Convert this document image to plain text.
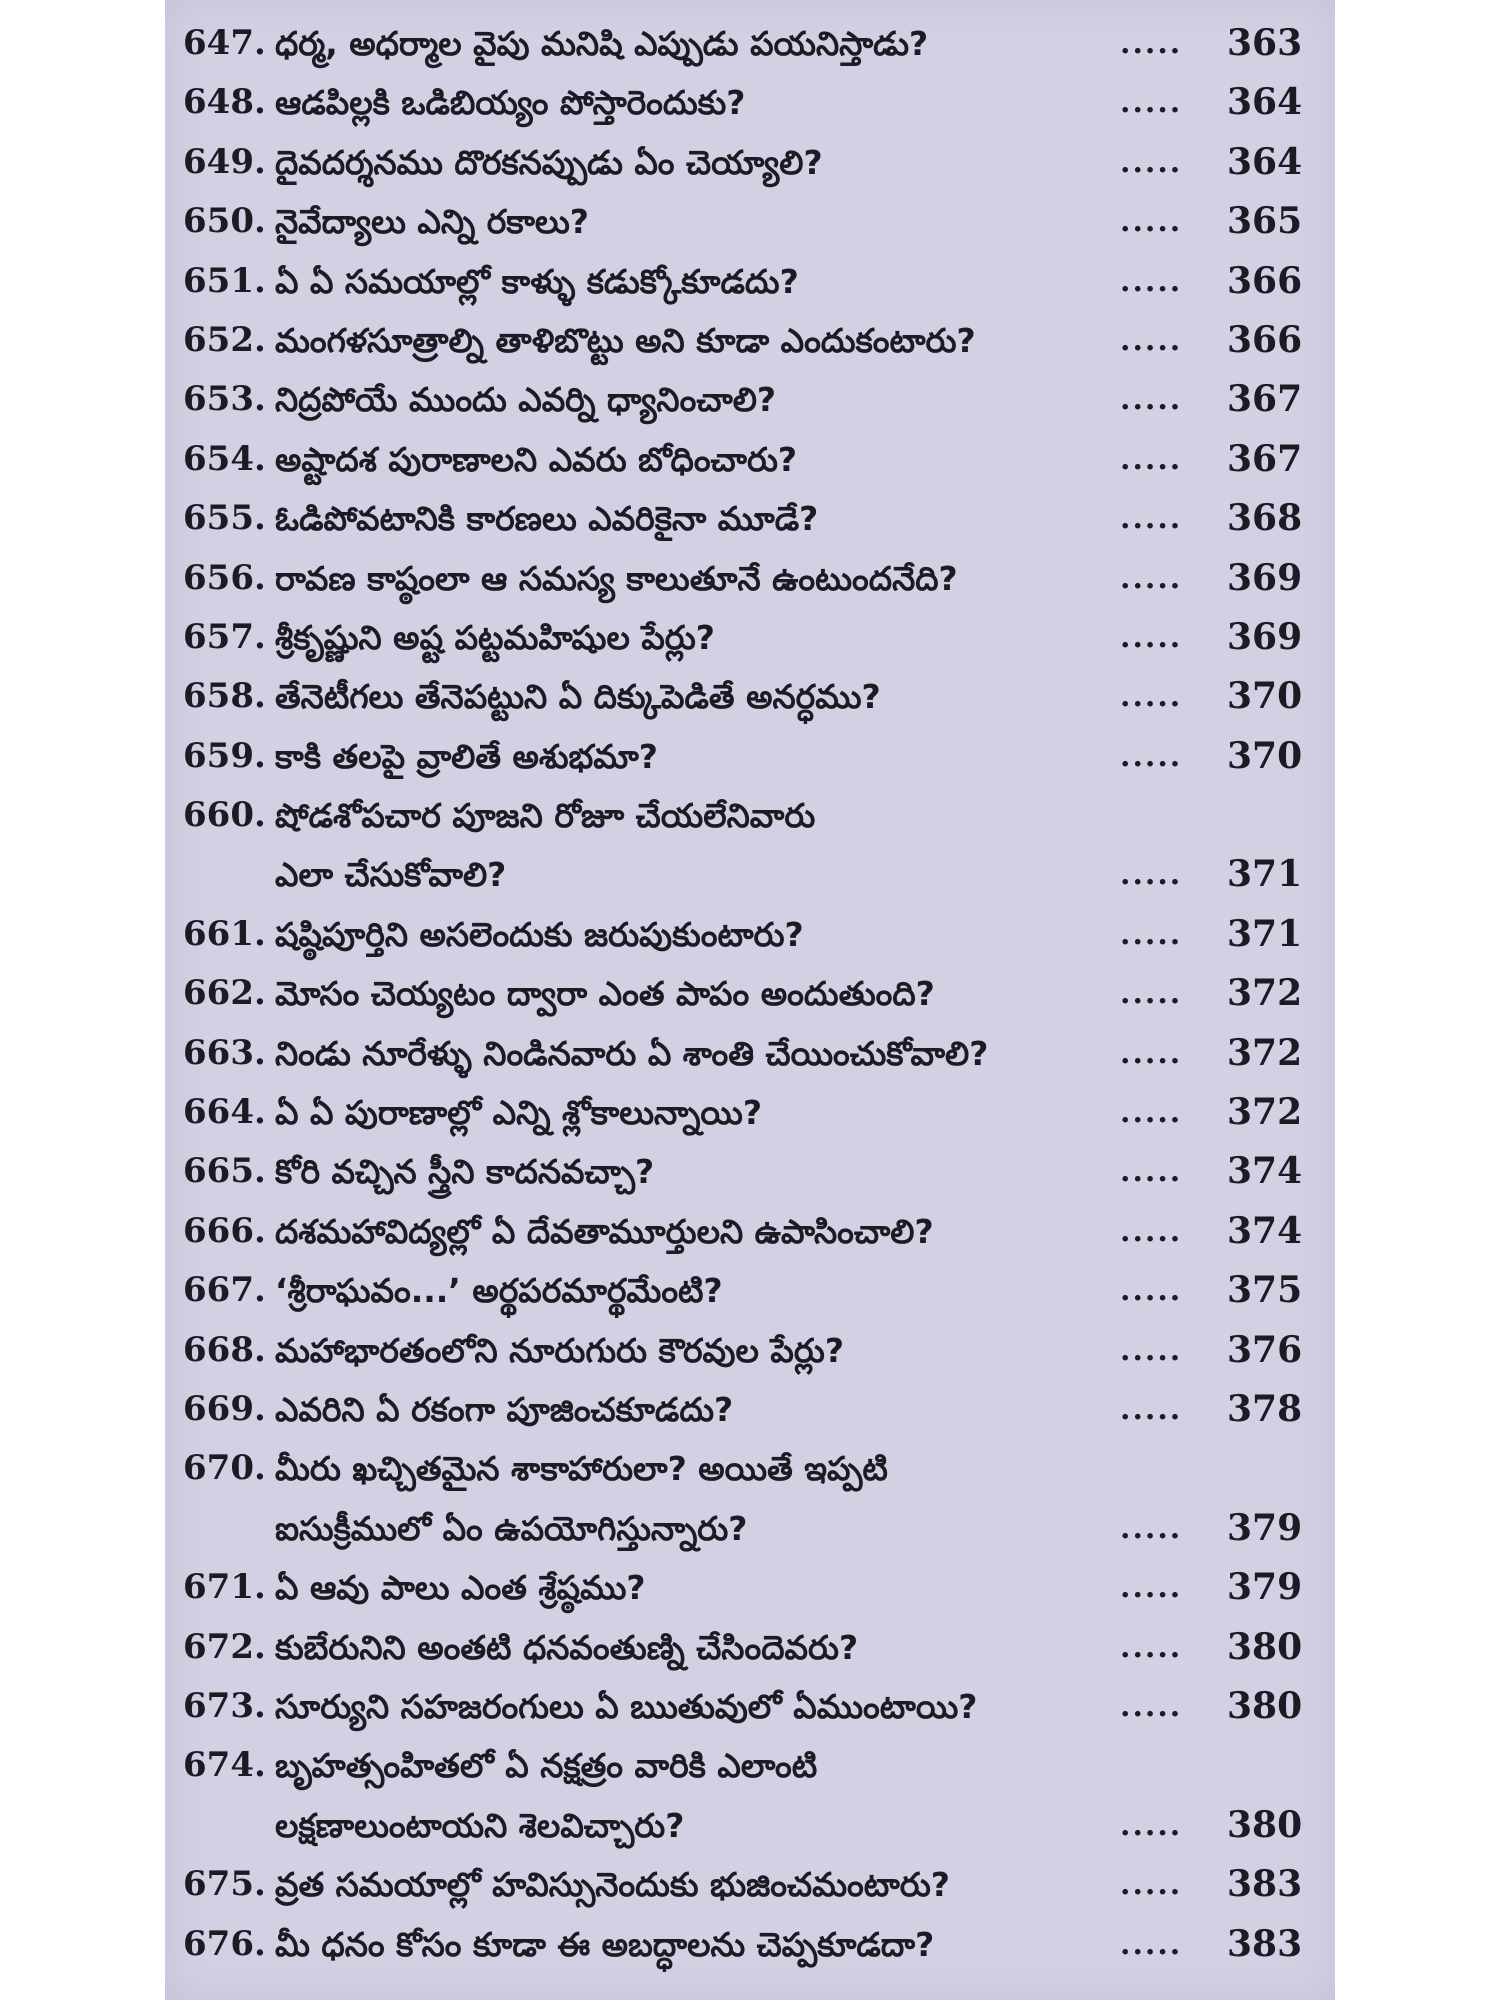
647. ధర్మ, అధర్మాల వైపు మనిషి ఎప్పుడు పయనిస్తాడు?	.....	363
648. ఆడపిల్లకి ఒడిబియ్యం పోస్తారెందుకు?	.....	364
649. దైవదర్శనము దొరకనప్పుడు ఏం చెయ్యాలి?	.....	364
650. నైవేద్యాలు ఎన్ని రకాలు?	.....	365
651. ఏ ఏ సమయాల్లో కాళ్ళు కడుక్కోకూడదు?	.....	366
652. మంగళసూత్రాల్ని తాళిబొట్టు అని కూడా ఎందుకంటారు?	.....	366
653. నిద్రపోయే ముందు ఎవర్ని ధ్యానించాలి?	.....	367
654. అష్టాదశ పురాణాలని ఎవరు బోధించారు?	.....	367
655. ఓడిపోవటానికి కారణలు ఎవరికైనా మూడే?	.....	368
656. రావణ కాష్ఠంలా ఆ సమస్య కాలుతూనే ఉంటుందనేది?	.....	369
657. శ్రీకృష్ణుని అష్ట పట్టమహిషుల పేర్లు?	.....	369
658. తేనెటీగలు తేనెపట్టుని ఏ దిక్కుపెడితే అనర్ధము?	.....	370
659. కాకి తలపై వ్రాలితే అశుభమా?	.....	370
660. షోడశోపచార పూజని రోజూ చేయలేనివారు
ఎలా చేసుకోవాలి?	.....	371
661. షష్ఠిపూర్తిని అసలెందుకు జరుపుకుంటారు?	.....	371
662. మోసం చెయ్యటం ద్వారా ఎంత పాపం అందుతుంది?	.....	372
663. నిండు నూరేళ్ళు నిండినవారు ఏ శాంతి చేయించుకోవాలి?	.....	372
664. ఏ ఏ పురాణాల్లో ఎన్ని శ్లోకాలున్నాయి?	.....	372
665. కోరి వచ్చిన స్త్రీని కాదనవచ్చా?	.....	374
666. దశమహావిద్యల్లో ఏ దేవతామూర్తులని ఉపాసించాలి?	.....	374
667. ‘శ్రీరాఘవం...’ అర్థపరమార్థమేంటి?	.....	375
668. మహాభారతంలోని నూరుగురు కౌరవుల పేర్లు?	.....	376
669. ఎవరిని ఏ రకంగా పూజించకూడదు?	.....	378
670. మీరు ఖచ్చితమైన శాకాహారులా? అయితే ఇప్పటి
ఐసుక్రీములో ఏం ఉపయోగిస్తున్నారు?	.....	379
671. ఏ ఆవు పాలు ఎంత శ్రేష్ఠము?	.....	379
672. కుబేరునిని అంతటి ధనవంతుణ్ని చేసిందెవరు?	.....	380
673. సూర్యుని సహజరంగులు ఏ ఋతువులో ఏముంటాయి?	.....	380
674. బృహత్సంహితలో ఏ నక్షత్రం వారికి ఎలాంటి
లక్షణాలుంటాయని శెలవిచ్చారు?	.....	380
675. వ్రత సమయాల్లో హవిస్సునెందుకు భుజించమంటారు?	.....	383
676. మీ ధనం కోసం కూడా ఈ అబద్ధాలను చెప్పకూడదా?	.....	383
